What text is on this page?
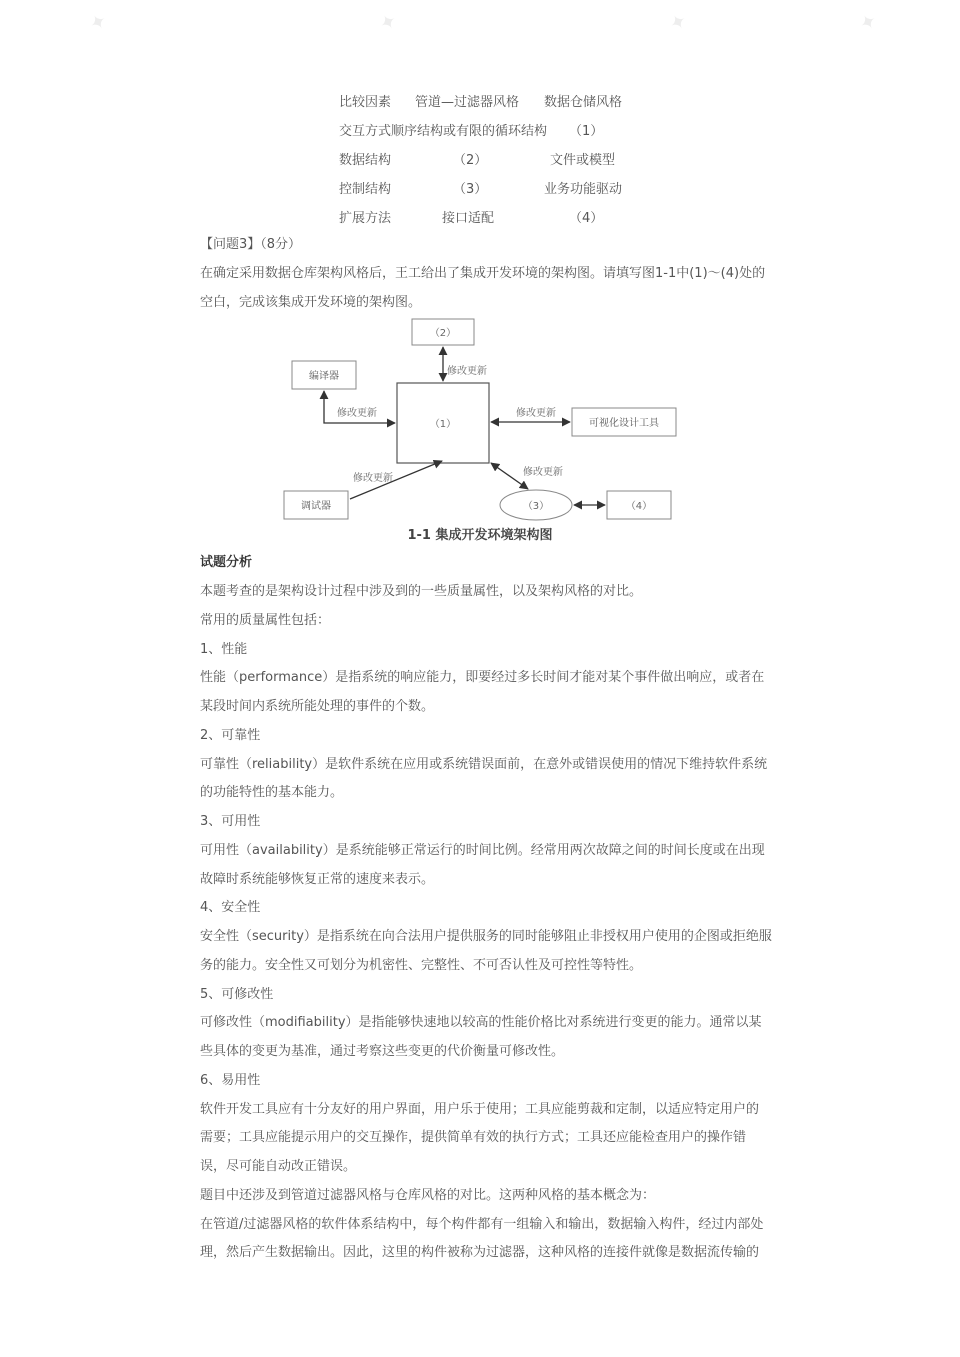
✦	✦	✦	✦
比较因素 管道—过滤器风格 数据仓储风格
交互方式 顺序结构或有限的循环结构 （1）
数据结构	（2）	文件或模型
控制结构	（3）	业务功能驱动
扩展方法	接口适配	（4）
【问题3】（8分）
在确定采用数据仓库架构风格后，王工给出了集成开发环境的架构图。请填写图1-1中(1)～(4)处的
空白，完成该集成开发环境的架构图。
（1）
（2）
编译器
可视化设计工具
调试器	（3）	（4）
修改更新
修改更新	修改更新
修改更新
修改更新
1-1 集成开发环境架构图
试题分析
本题考查的是架构设计过程中涉及到的一些质量属性，以及架构风格的对比。
常用的质量属性包括：
1、性能
性能（performance）是指系统的响应能力，即要经过多长时间才能对某个事件做出响应，或者在
某段时间内系统所能处理的事件的个数。
2、可靠性
可靠性（reliability）是软件系统在应用或系统错误面前，在意外或错误使用的情况下维持软件系统
的功能特性的基本能力。
3、可用性
可用性（availability）是系统能够正常运行的时间比例。经常用两次故障之间的时间长度或在出现
故障时系统能够恢复正常的速度来表示。
4、安全性
安全性（security）是指系统在向合法用户提供服务的同时能够阻止非授权用户使用的企图或拒绝服
务的能力。安全性又可划分为机密性、完整性、不可否认性及可控性等特性。
5、可修改性
可修改性（modifiability）是指能够快速地以较高的性能价格比对系统进行变更的能力。通常以某
些具体的变更为基准，通过考察这些变更的代价衡量可修改性。
6、易用性
软件开发工具应有十分友好的用户界面，用户乐于使用；工具应能剪裁和定制，以适应特定用户的
需要；工具应能提示用户的交互操作，提供简单有效的执行方式；工具还应能检查用户的操作错
误，尽可能自动改正错误。
题目中还涉及到管道过滤器风格与仓库风格的对比。这两种风格的基本概念为：
在管道/过滤器风格的软件体系结构中，每个构件都有一组输入和输出，数据输入构件，经过内部处
理，然后产生数据输出。因此，这里的构件被称为过滤器，这种风格的连接件就像是数据流传输的
